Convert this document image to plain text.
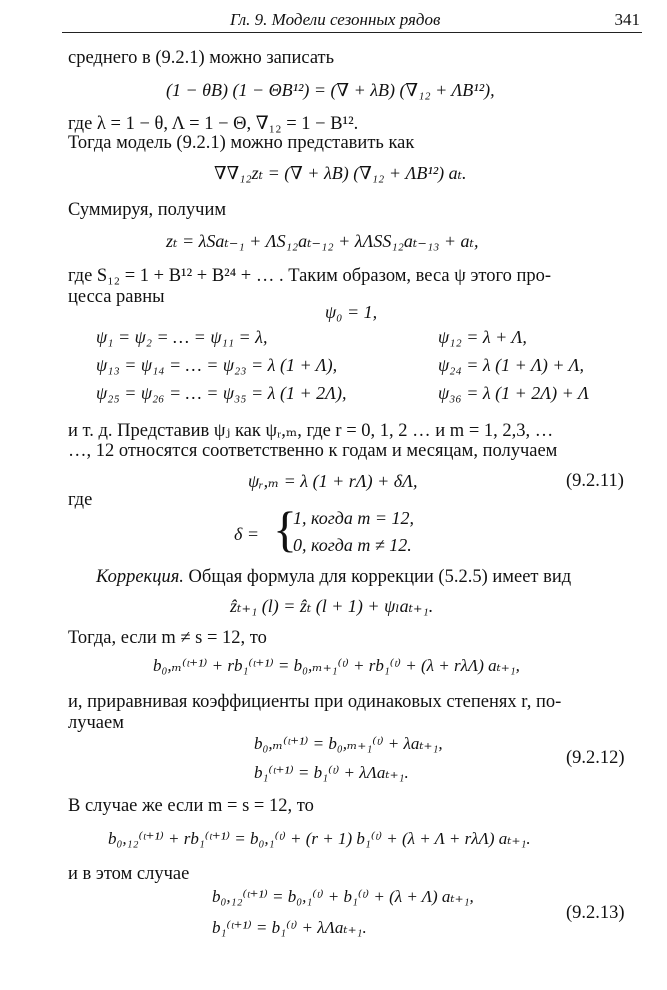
Гл. 9. Модели сезонных рядов	341
среднего в (9.2.1) можно записать
(1 − θB) (1 − ΘB¹²) = (∇ + λB) (∇₁₂ + ΛB¹²),
где λ = 1 − θ, Λ = 1 − Θ, ∇₁₂ = 1 − B¹².
Тогда модель (9.2.1) можно представить как
∇∇₁₂zₜ = (∇ + λB) (∇₁₂ + ΛB¹²) aₜ.
Суммируя, получим
zₜ = λSaₜ₋₁ + ΛS₁₂aₜ₋₁₂ + λΛSS₁₂aₜ₋₁₃ + aₜ,
где S₁₂ = 1 + B¹² + B²⁴ + … . Таким образом, веса ψ этого про-
цесса равны
ψ₀ = 1,
ψ₁ = ψ₂ = … = ψ₁₁ = λ,	ψ₁₂ = λ + Λ,
ψ₁₃ = ψ₁₄ = … = ψ₂₃ = λ (1 + Λ),	ψ₂₄ = λ (1 + Λ) + Λ,
ψ₂₅ = ψ₂₆ = … = ψ₃₅ = λ (1 + 2Λ),	ψ₃₆ = λ (1 + 2Λ) + Λ
и т. д. Представив ψⱼ как ψᵣ,ₘ, где r = 0, 1, 2 … и m = 1, 2,3, …
…, 12 относятся соответственно к годам и месяцам, получаем
ψᵣ,ₘ = λ (1 + rΛ) + δΛ,	(9.2.11)
где
δ = {
1, когда m = 12,
0, когда m ≠ 12.
Коррекция. Общая формула для коррекции (5.2.5) имеет вид
ẑₜ₊₁ (l) = ẑₜ (l + 1) + ψₗaₜ₊₁.
Тогда, если m ≠ s = 12, то
b₀,ₘ⁽ᵗ⁺¹⁾ + rb₁⁽ᵗ⁺¹⁾ = b₀,ₘ₊₁⁽ᵗ⁾ + rb₁⁽ᵗ⁾ + (λ + rλΛ) aₜ₊₁,
и, приравнивая коэффициенты при одинаковых степенях r, по-
лучаем
b₀,ₘ⁽ᵗ⁺¹⁾ = b₀,ₘ₊₁⁽ᵗ⁾ + λaₜ₊₁,
b₁⁽ᵗ⁺¹⁾ = b₁⁽ᵗ⁾ + λΛaₜ₊₁.
(9.2.12)
В случае же если m = s = 12, то
b₀,₁₂⁽ᵗ⁺¹⁾ + rb₁⁽ᵗ⁺¹⁾ = b₀,₁⁽ᵗ⁾ + (r + 1) b₁⁽ᵗ⁾ + (λ + Λ + rλΛ) aₜ₊₁.
и в этом случае
b₀,₁₂⁽ᵗ⁺¹⁾ = b₀,₁⁽ᵗ⁾ + b₁⁽ᵗ⁾ + (λ + Λ) aₜ₊₁,
b₁⁽ᵗ⁺¹⁾ = b₁⁽ᵗ⁾ + λΛaₜ₊₁.
(9.2.13)
